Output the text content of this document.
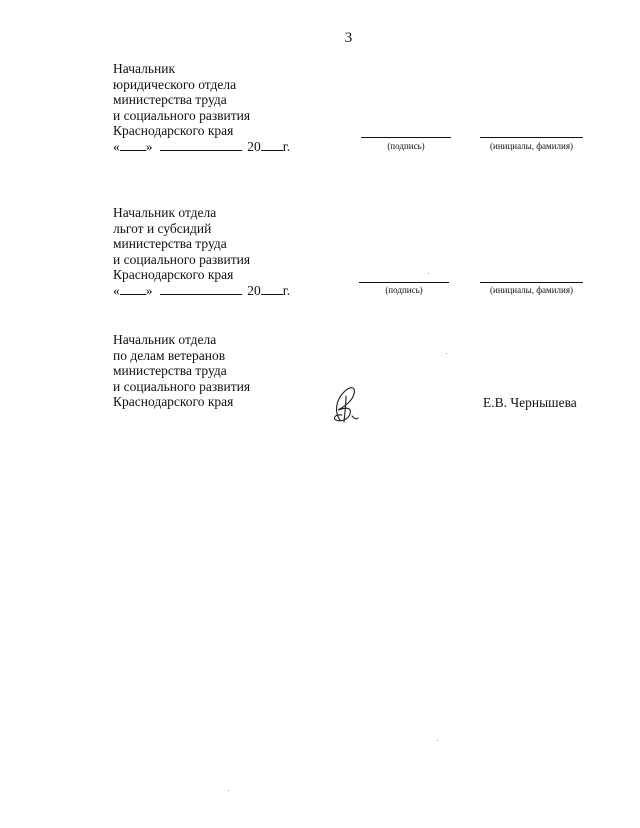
3
Начальник
юридического отдела
министерства труда
и социального развития
Краснодарского края
« »	20 г.	(подпись)	(инициалы, фамилия)
Начальник отдела
льгот и субсидий
министерства труда
и социального развития
Краснодарского края
« »	20 г.	(подпись)	(инициалы, фамилия)
Начальник отдела
по делам ветеранов
министерства труда
и социального развития
Краснодарского края	Е.В. Чернышева
